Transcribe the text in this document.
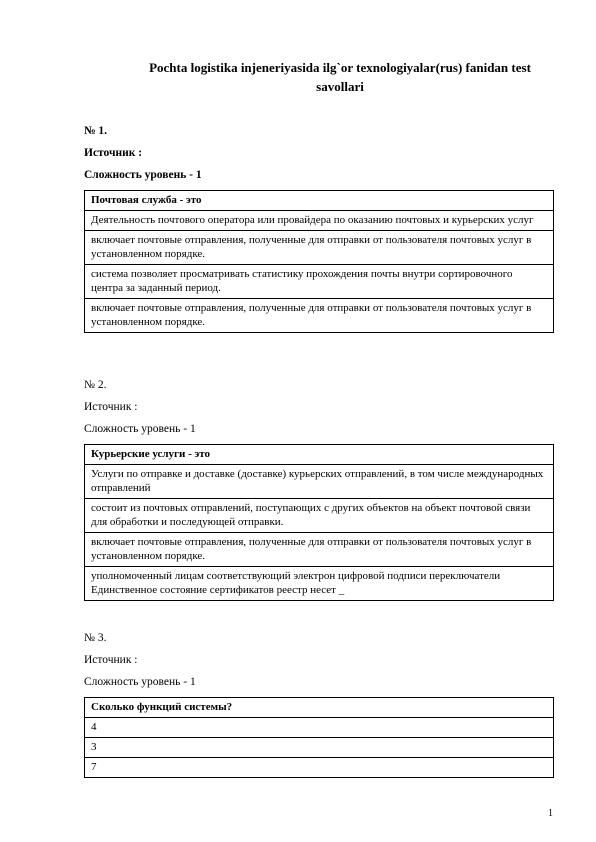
Pochta logistika injeneriyasida ilg`or texnologiyalar(rus) fanidan test
savollari
№ 1.
Источник :
Сложность уровень - 1
Почтовая служба - это
Деятельность почтового оператора или провайдера по оказанию почтовых и курьерских услуг
включает почтовые отправления, полученные для отправки от пользователя почтовых услуг в установленном порядке.
система позволяет просматривать статистику прохождения почты внутри сортировочного центра за заданный период.
включает почтовые отправления, полученные для отправки от пользователя почтовых услуг в установленном порядке.
№ 2.
Источник :
Сложность уровень - 1
Курьерские услуги - это
Услуги по отправке и доставке (доставке) курьерских отправлений, в том числе международных отправлений
состоит из почтовых отправлений, поступающих с других объектов на объект почтовой связи для обработки и последующей отправки.
включает почтовые отправления, полученные для отправки от пользователя почтовых услуг в установленном порядке.
уполномоченный лицам соответствующий электрон цифровой подписи переключатели Единственное состояние сертификатов реестр несет _
№ 3.
Источник :
Сложность уровень - 1
Сколько функций системы?
4
3
7
1
